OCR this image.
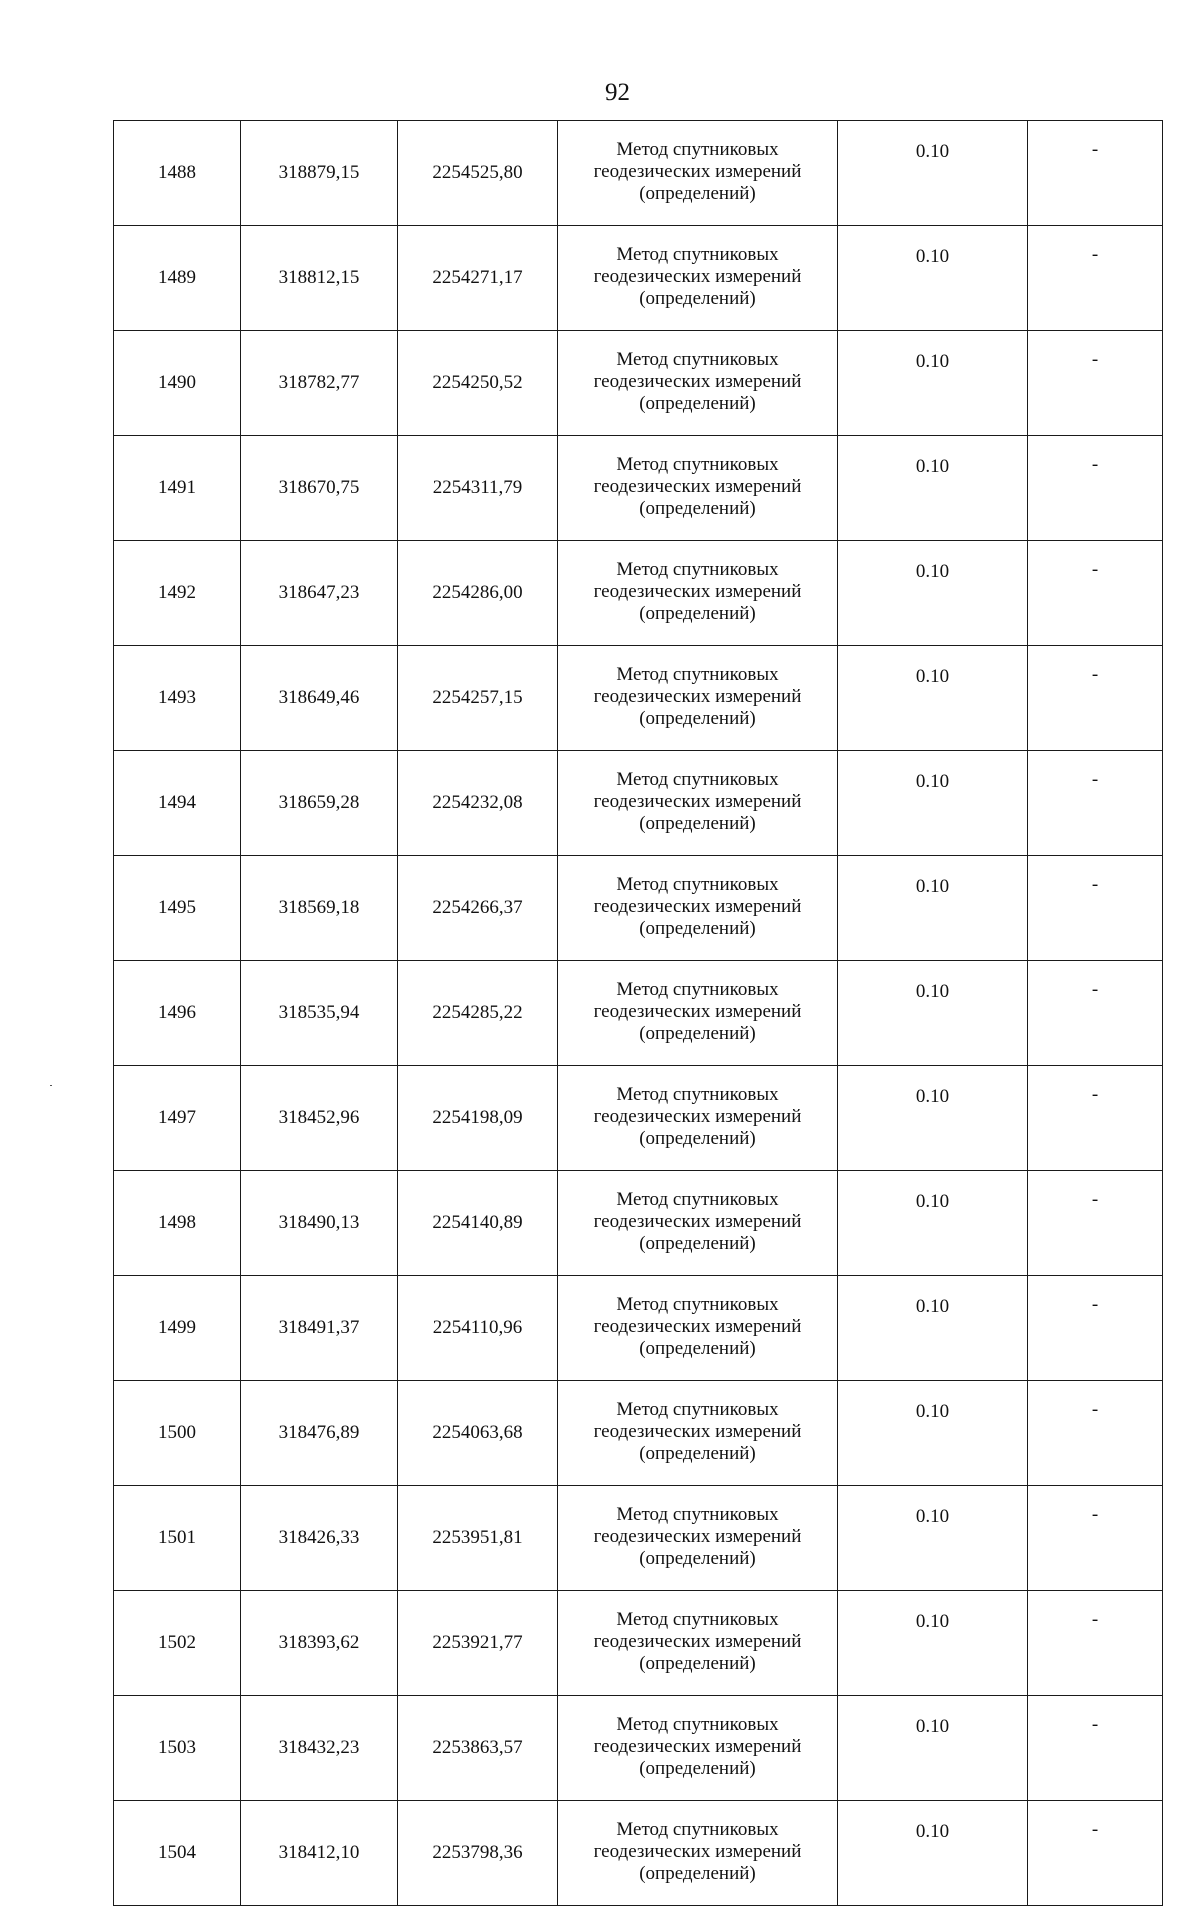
92
1488	318879,15	2254525,80	Метод спутниковых
геодезических измерений
(определений)	0.10	-
1489	318812,15	2254271,17	Метод спутниковых
геодезических измерений
(определений)	0.10	-
1490	318782,77	2254250,52	Метод спутниковых
геодезических измерений
(определений)	0.10	-
1491	318670,75	2254311,79	Метод спутниковых
геодезических измерений
(определений)	0.10	-
1492	318647,23	2254286,00	Метод спутниковых
геодезических измерений
(определений)	0.10	-
1493	318649,46	2254257,15	Метод спутниковых
геодезических измерений
(определений)	0.10	-
1494	318659,28	2254232,08	Метод спутниковых
геодезических измерений
(определений)	0.10	-
1495	318569,18	2254266,37	Метод спутниковых
геодезических измерений
(определений)	0.10	-
1496	318535,94	2254285,22	Метод спутниковых
геодезических измерений
(определений)	0.10	-
1497	318452,96	2254198,09	Метод спутниковых
геодезических измерений
(определений)	0.10	-
1498	318490,13	2254140,89	Метод спутниковых
геодезических измерений
(определений)	0.10	-
1499	318491,37	2254110,96	Метод спутниковых
геодезических измерений
(определений)	0.10	-
1500	318476,89	2254063,68	Метод спутниковых
геодезических измерений
(определений)	0.10	-
1501	318426,33	2253951,81	Метод спутниковых
геодезических измерений
(определений)	0.10	-
1502	318393,62	2253921,77	Метод спутниковых
геодезических измерений
(определений)	0.10	-
1503	318432,23	2253863,57	Метод спутниковых
геодезических измерений
(определений)	0.10	-
1504	318412,10	2253798,36	Метод спутниковых
геодезических измерений
(определений)	0.10	-
